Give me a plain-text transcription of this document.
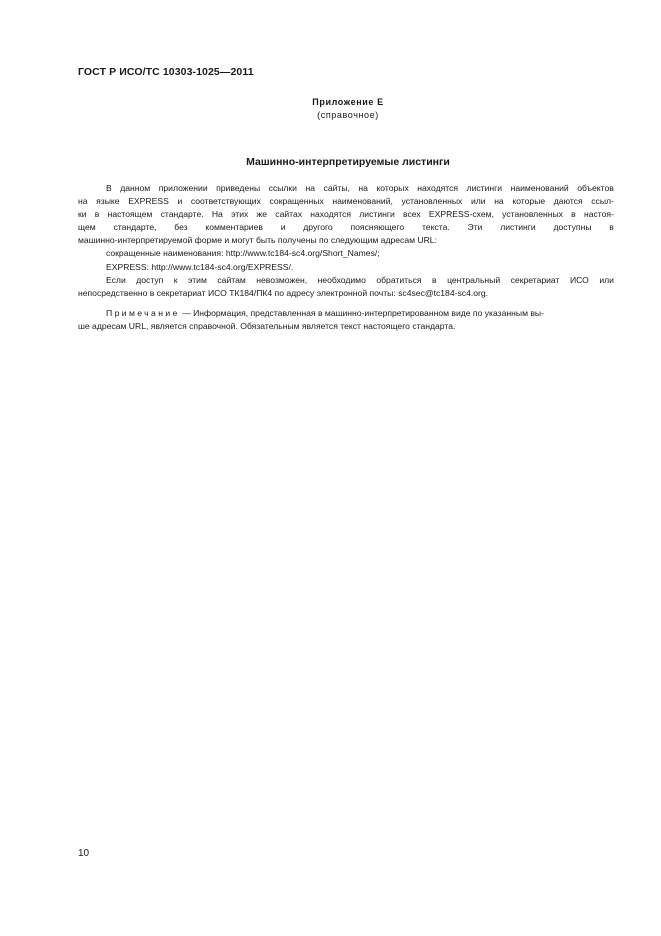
ГОСТ Р ИСО/ТС 10303-1025—2011
Приложение Е
(справочное)
Машинно-интерпретируемые листинги
В данном приложении приведены ссылки на сайты, на которых находятся листинги наименований объектов
на языке EXPRESS и соответствующих сокращенных наименований, установленных или на которые даются ссыл-
ки в настоящем стандарте. На этих же сайтах находятся листинги всех EXPRESS-схем, установленных в настоя-
щем стандарте, без комментариев и другого поясняющего текста. Эти листинги доступны в
машинно-интерпретируемой форме и могут быть получены по следующим адресам URL:
сокращенные наименования: http://www.tc184-sc4.org/Short_Names/;
EXPRESS: http://www.tc184-sc4.org/EXPRESS/.
Если доступ к этим сайтам невозможен, необходимо обратиться в центральный секретариат ИСО или
непосредственно в секретариат ИСО ТК184/ПК4 по адресу электронной почты: sc4sec@tc184-sc4.org.
Примечание — Информация, представленная в машинно-интерпретированном виде по указанным вы-
ше адресам URL, является справочной. Обязательным является текст настоящего стандарта.
10
